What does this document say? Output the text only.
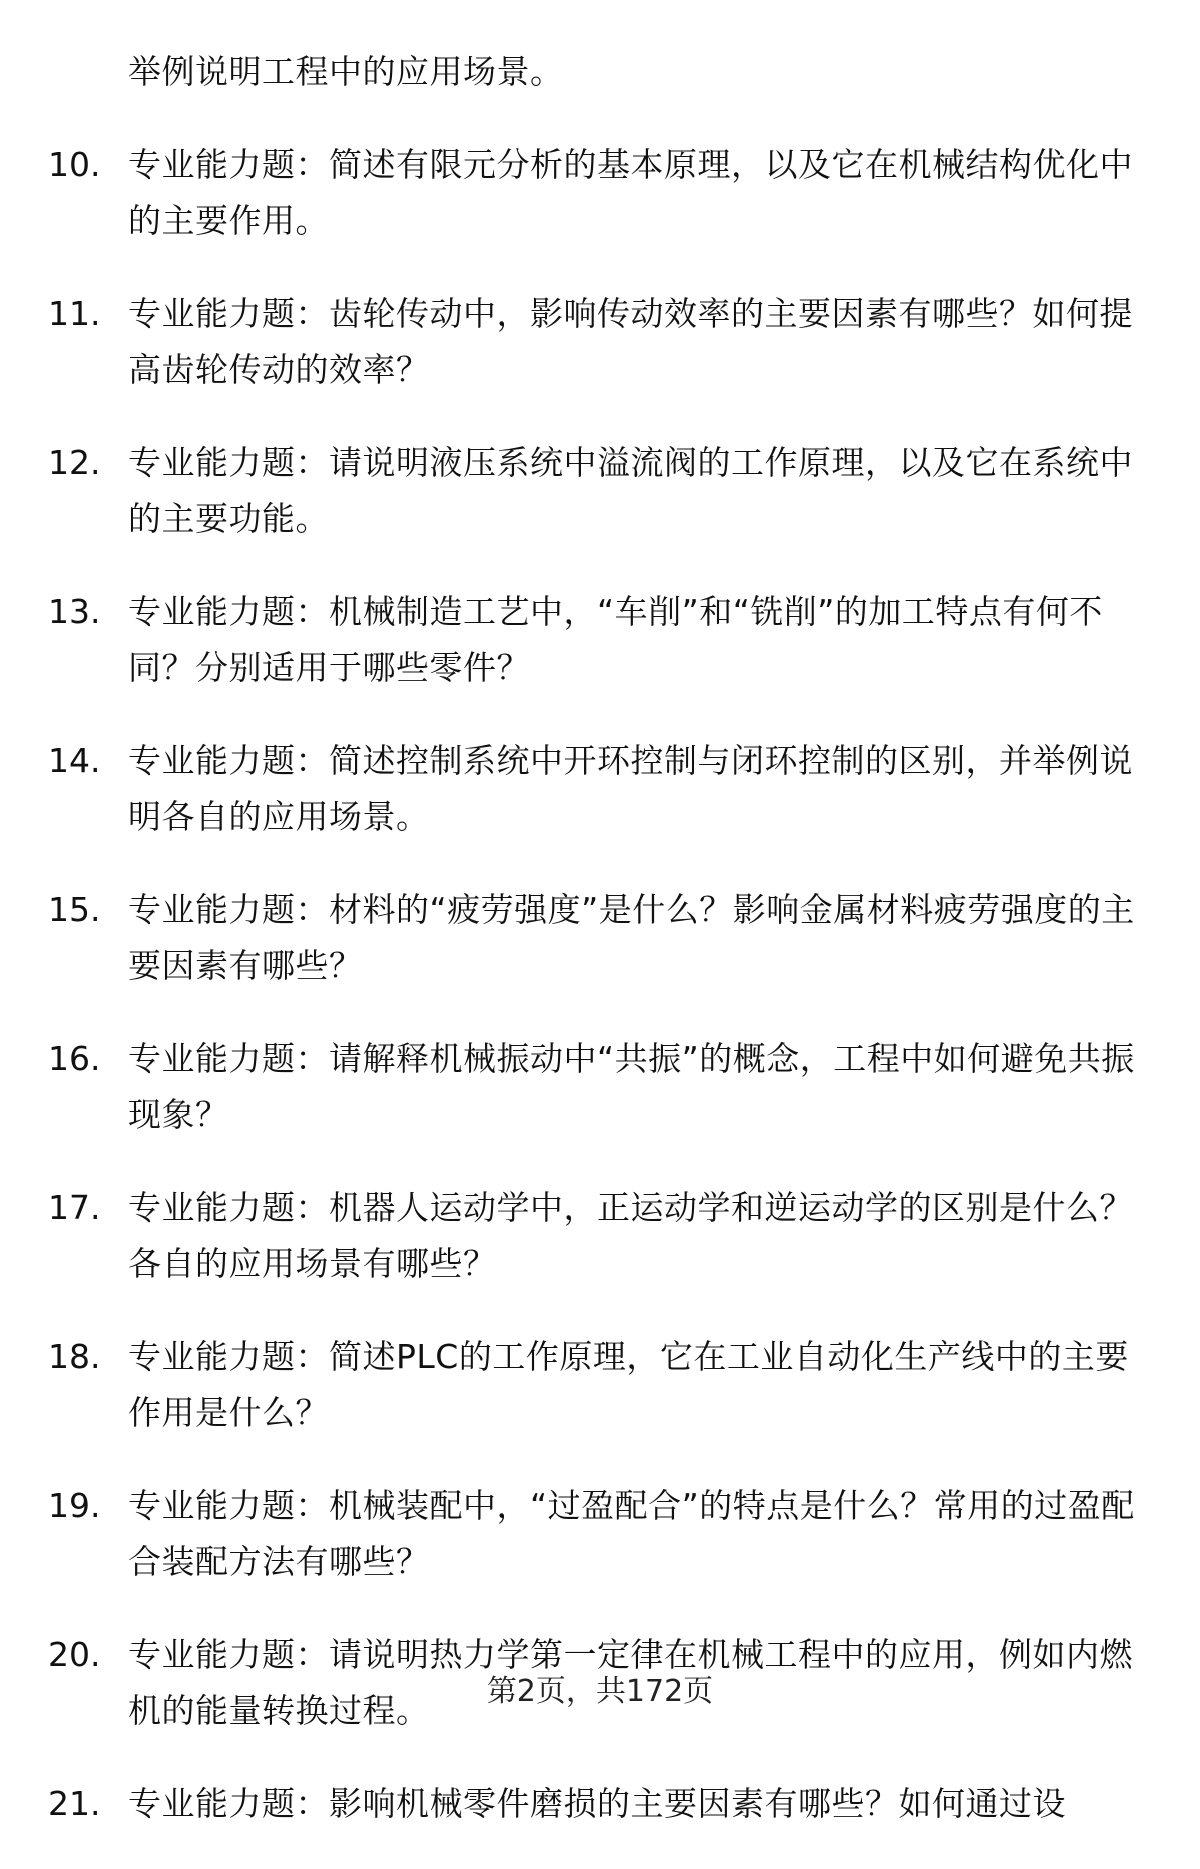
举例说明工程中的应用场景。
10. 专业能力题：简述有限元分析的基本原理，以及它在机械结构优化中的主要作用。
11. 专业能力题：齿轮传动中，影响传动效率的主要因素有哪些？如何提高齿轮传动的效率？
12. 专业能力题：请说明液压系统中溢流阀的工作原理，以及它在系统中的主要功能。
13. 专业能力题：机械制造工艺中，“车削”和“铣削”的加工特点有何不同？分别适用于哪些零件？
14. 专业能力题：简述控制系统中开环控制与闭环控制的区别，并举例说明各自的应用场景。
15. 专业能力题：材料的“疲劳强度”是什么？影响金属材料疲劳强度的主要因素有哪些？
16. 专业能力题：请解释机械振动中“共振”的概念，工程中如何避免共振现象？
17. 专业能力题：机器人运动学中，正运动学和逆运动学的区别是什么？各自的应用场景有哪些？
18. 专业能力题：简述PLC的工作原理，它在工业自动化生产线中的主要作用是什么？
19. 专业能力题：机械装配中，“过盈配合”的特点是什么？常用的过盈配合装配方法有哪些？
20. 专业能力题：请说明热力学第一定律在机械工程中的应用，例如内燃机的能量转换过程。
21. 专业能力题：影响机械零件磨损的主要因素有哪些？如何通过设
第2页，共172页
